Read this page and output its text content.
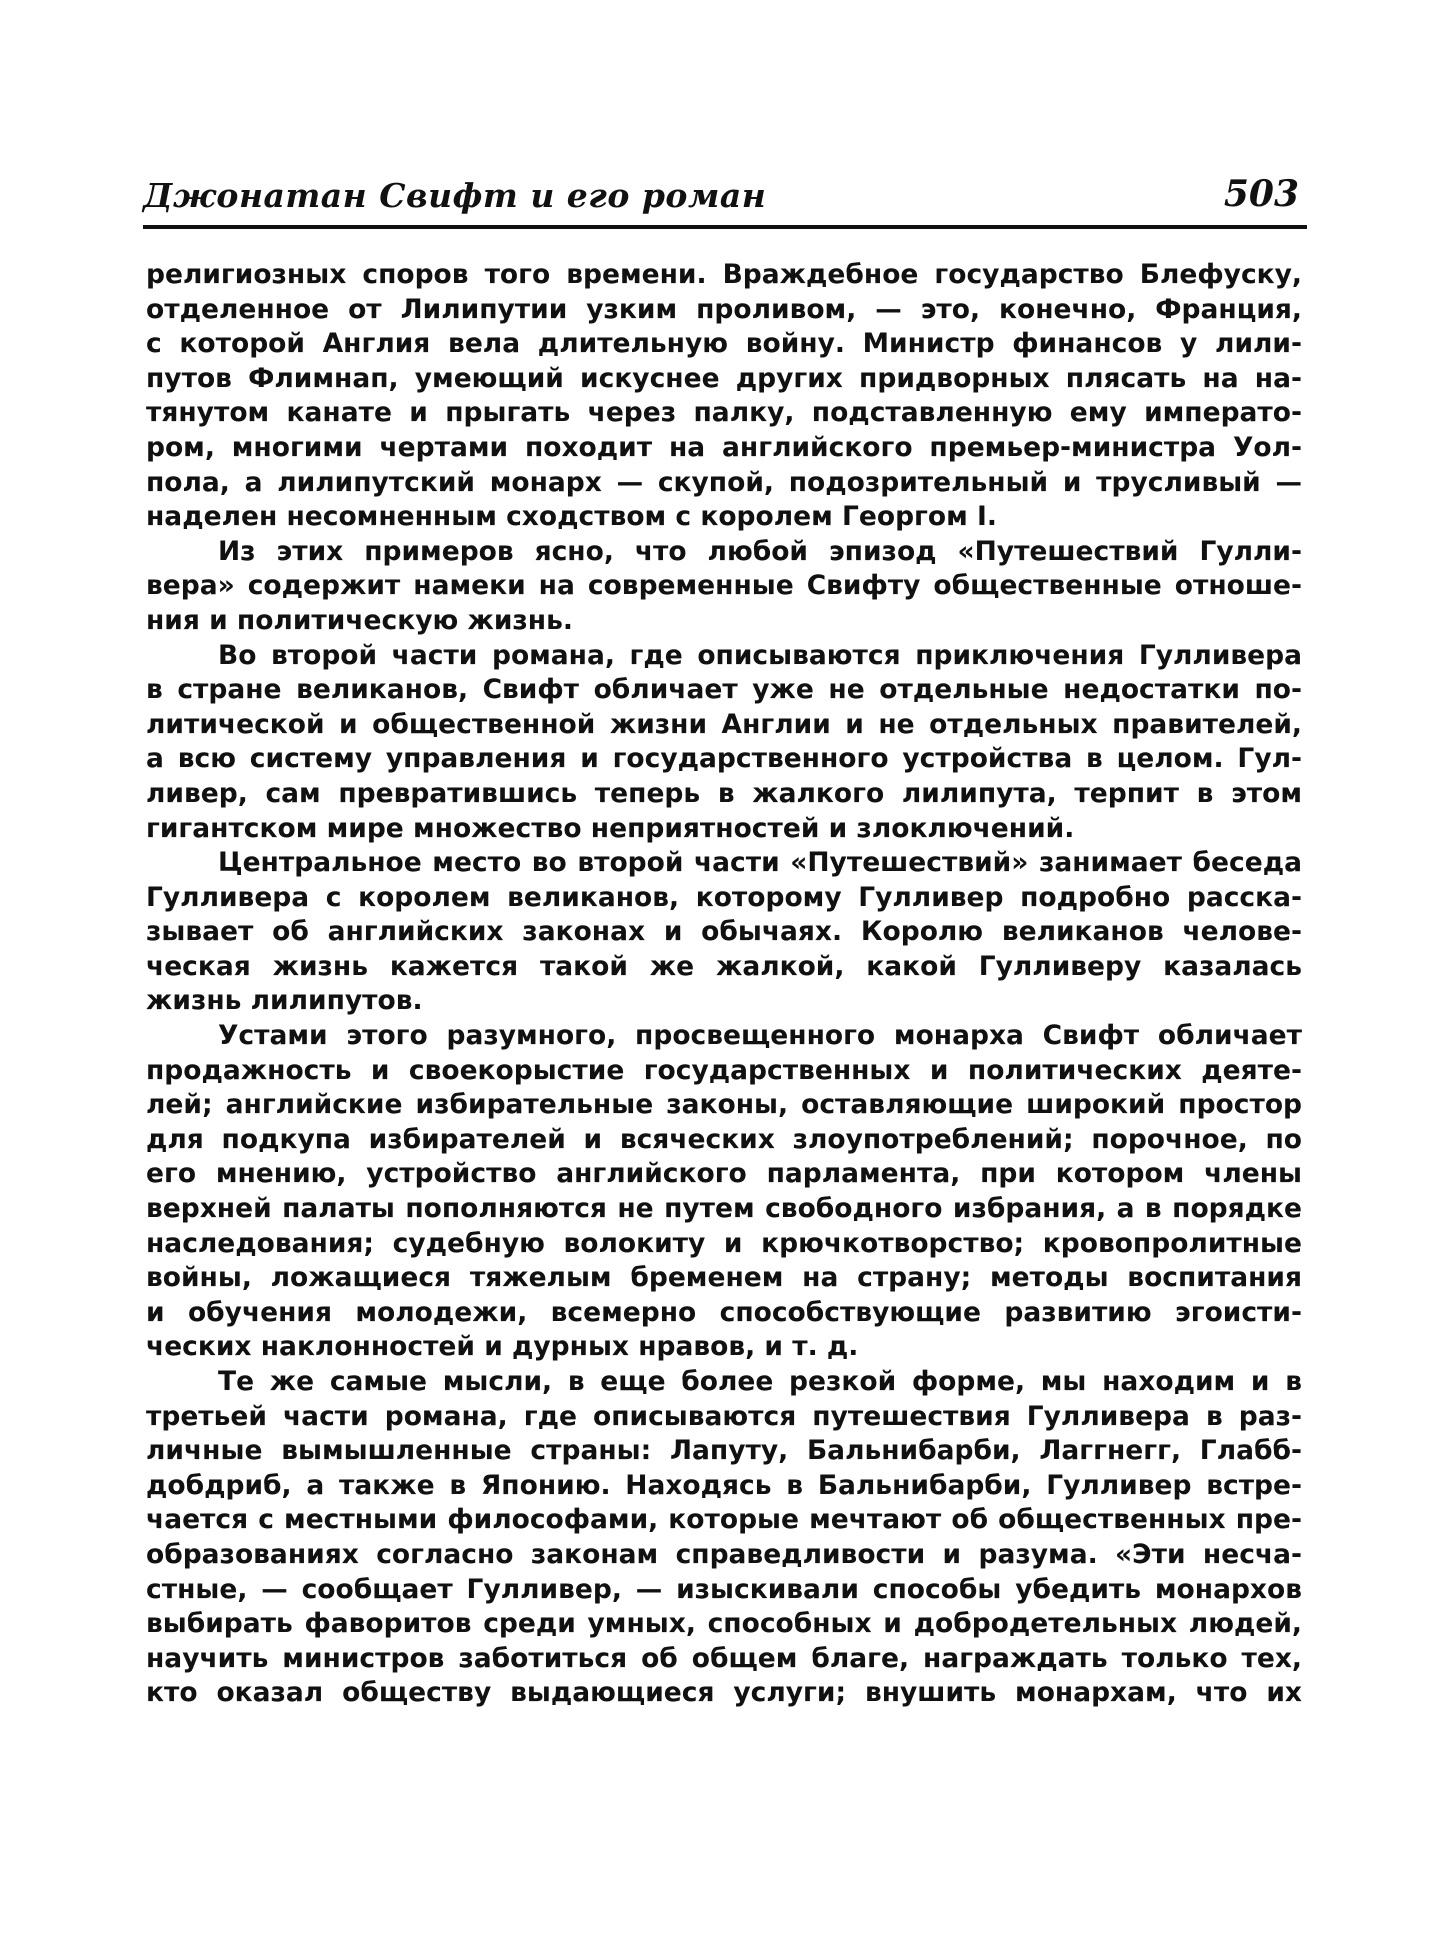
Джонатан Свифт и его роман	503
религиозных споров того времени. Враждебное государство Блефуску,
отделенное от Лилипутии узким проливом, — это, конечно, Франция,
с которой Англия вела длительную войну. Министр финансов у лили-
путов Флимнап, умеющий искуснее других придворных плясать на на-
тянутом канате и прыгать через палку, подставленную ему императо-
ром, многими чертами походит на английского премьер-министра Уол-
пола, а лилипутский монарх — скупой, подозрительный и трусливый —
наделен несомненным сходством с королем Георгом I.
Из этих примеров ясно, что любой эпизод «Путешествий Гулли-
вера» содержит намеки на современные Свифту общественные отноше-
ния и политическую жизнь.
Во второй части романа, где описываются приключения Гулливера
в стране великанов, Свифт обличает уже не отдельные недостатки по-
литической и общественной жизни Англии и не отдельных правителей,
а всю систему управления и государственного устройства в целом. Гул-
ливер, сам превратившись теперь в жалкого лилипута, терпит в этом
гигантском мире множество неприятностей и злоключений.
Центральное место во второй части «Путешествий» занимает беседа
Гулливера с королем великанов, которому Гулливер подробно расска-
зывает об английских законах и обычаях. Королю великанов челове-
ческая жизнь кажется такой же жалкой, какой Гулливеру казалась
жизнь лилипутов.
Устами этого разумного, просвещенного монарха Свифт обличает
продажность и своекорыстие государственных и политических деяте-
лей; английские избирательные законы, оставляющие широкий простор
для подкупа избирателей и всяческих злоупотреблений; порочное, по
его мнению, устройство английского парламента, при котором члены
верхней палаты пополняются не путем свободного избрания, а в порядке
наследования; судебную волокиту и крючкотворство; кровопролитные
войны, ложащиеся тяжелым бременем на страну; методы воспитания
и обучения молодежи, всемерно способствующие развитию эгоисти-
ческих наклонностей и дурных нравов, и т. д.
Те же самые мысли, в еще более резкой форме, мы находим и в
третьей части романа, где описываются путешествия Гулливера в раз-
личные вымышленные страны: Лапуту, Бальнибарби, Лаггнегг, Глабб-
добдриб, а также в Японию. Находясь в Бальнибарби, Гулливер встре-
чается с местными философами, которые мечтают об общественных пре-
образованиях согласно законам справедливости и разума. «Эти несча-
стные, — сообщает Гулливер, — изыскивали способы убедить монархов
выбирать фаворитов среди умных, способных и добродетельных людей,
научить министров заботиться об общем благе, награждать только тех,
кто оказал обществу выдающиеся услуги; внушить монархам, что их
